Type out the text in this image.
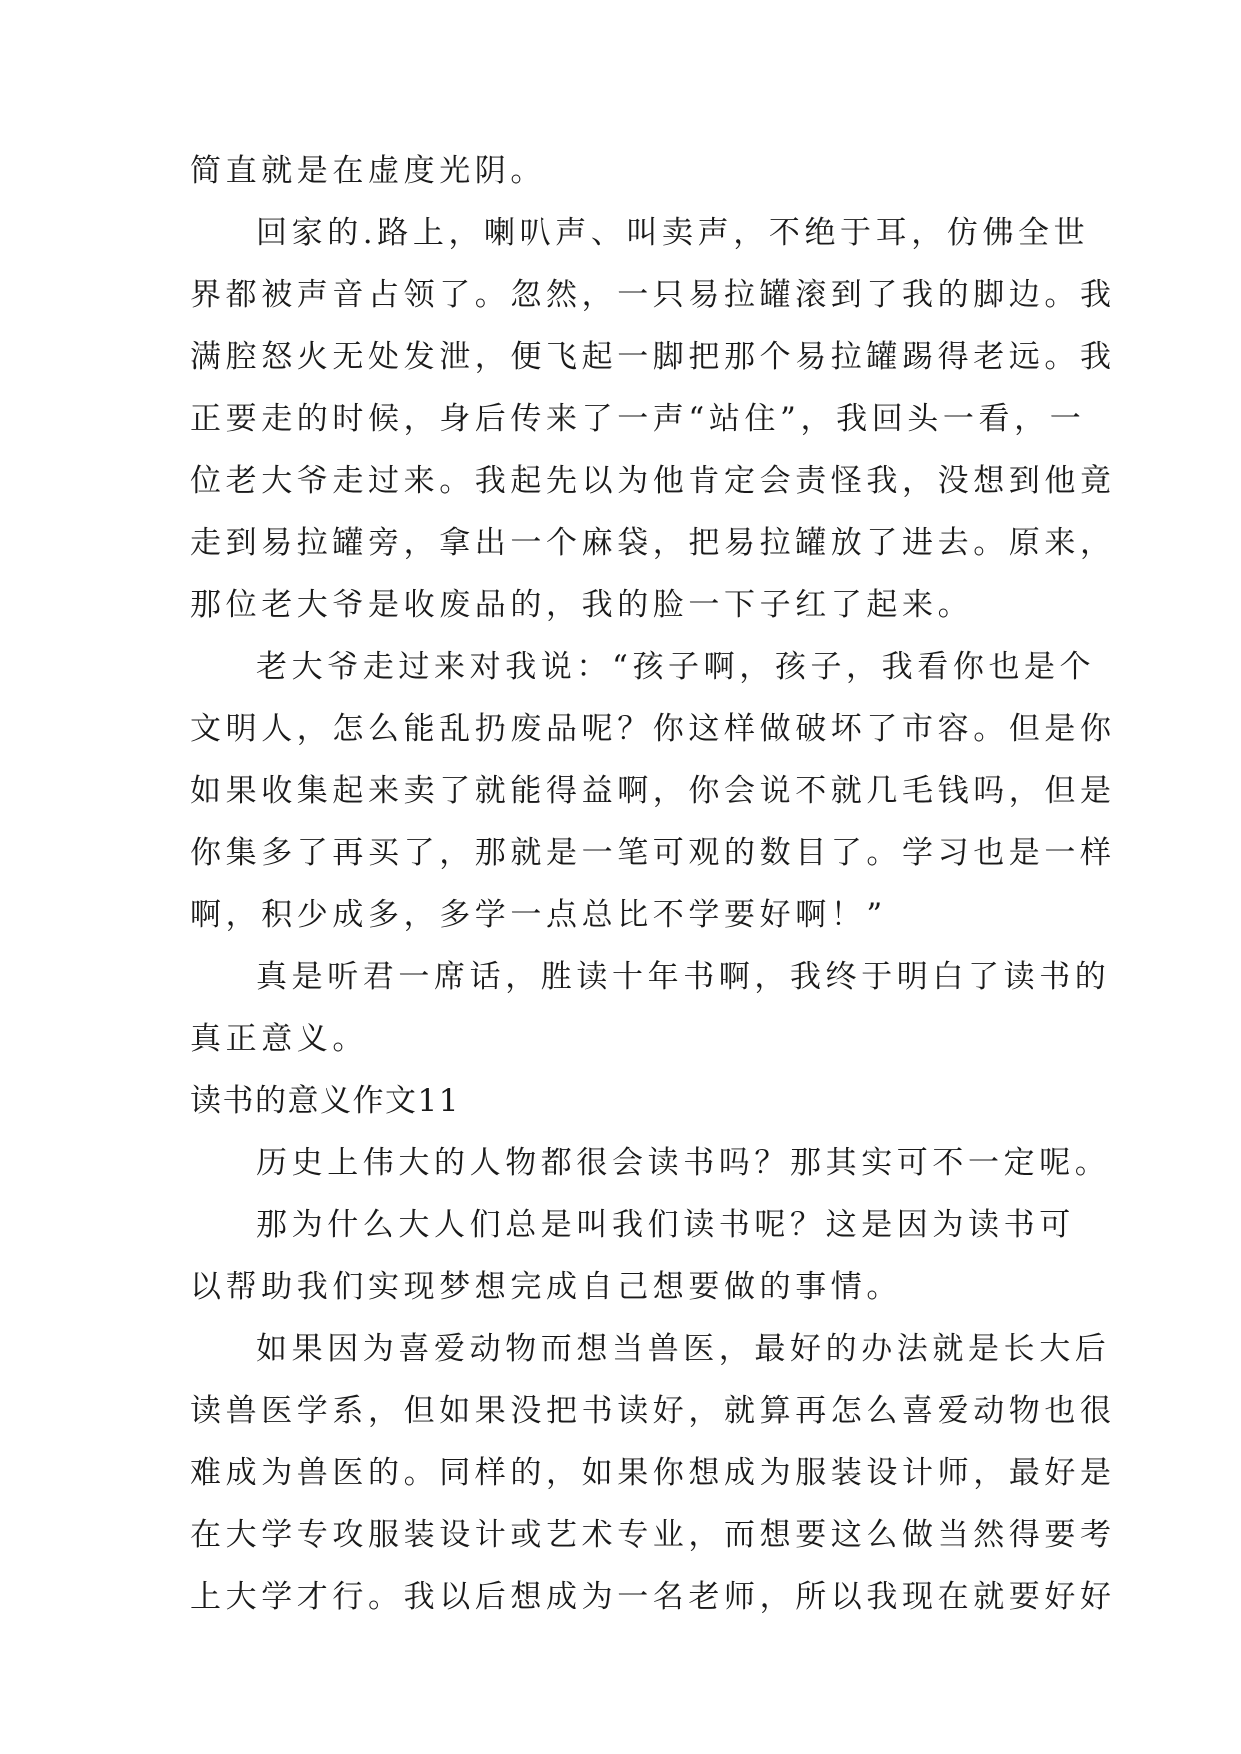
简直就是在虚度光阴。
回家的.路上，喇叭声、叫卖声，不绝于耳，仿佛全世
界都被声音占领了。忽然，一只易拉罐滚到了我的脚边。我
满腔怒火无处发泄，便飞起一脚把那个易拉罐踢得老远。我
正要走的时候，身后传来了一声“站住”，我回头一看，一
位老大爷走过来。我起先以为他肯定会责怪我，没想到他竟
走到易拉罐旁，拿出一个麻袋，把易拉罐放了进去。原来，
那位老大爷是收废品的，我的脸一下子红了起来。
老大爷走过来对我说：“孩子啊，孩子，我看你也是个
文明人，怎么能乱扔废品呢？你这样做破坏了市容。但是你
如果收集起来卖了就能得益啊，你会说不就几毛钱吗，但是
你集多了再买了，那就是一笔可观的数目了。学习也是一样
啊，积少成多，多学一点总比不学要好啊！”
真是听君一席话，胜读十年书啊，我终于明白了读书的
真正意义。
读书的意义作文11
历史上伟大的人物都很会读书吗？那其实可不一定呢。
那为什么大人们总是叫我们读书呢？这是因为读书可
以帮助我们实现梦想完成自己想要做的事情。
如果因为喜爱动物而想当兽医，最好的办法就是长大后
读兽医学系，但如果没把书读好，就算再怎么喜爱动物也很
难成为兽医的。同样的，如果你想成为服装设计师，最好是
在大学专攻服装设计或艺术专业，而想要这么做当然得要考
上大学才行。我以后想成为一名老师，所以我现在就要好好
